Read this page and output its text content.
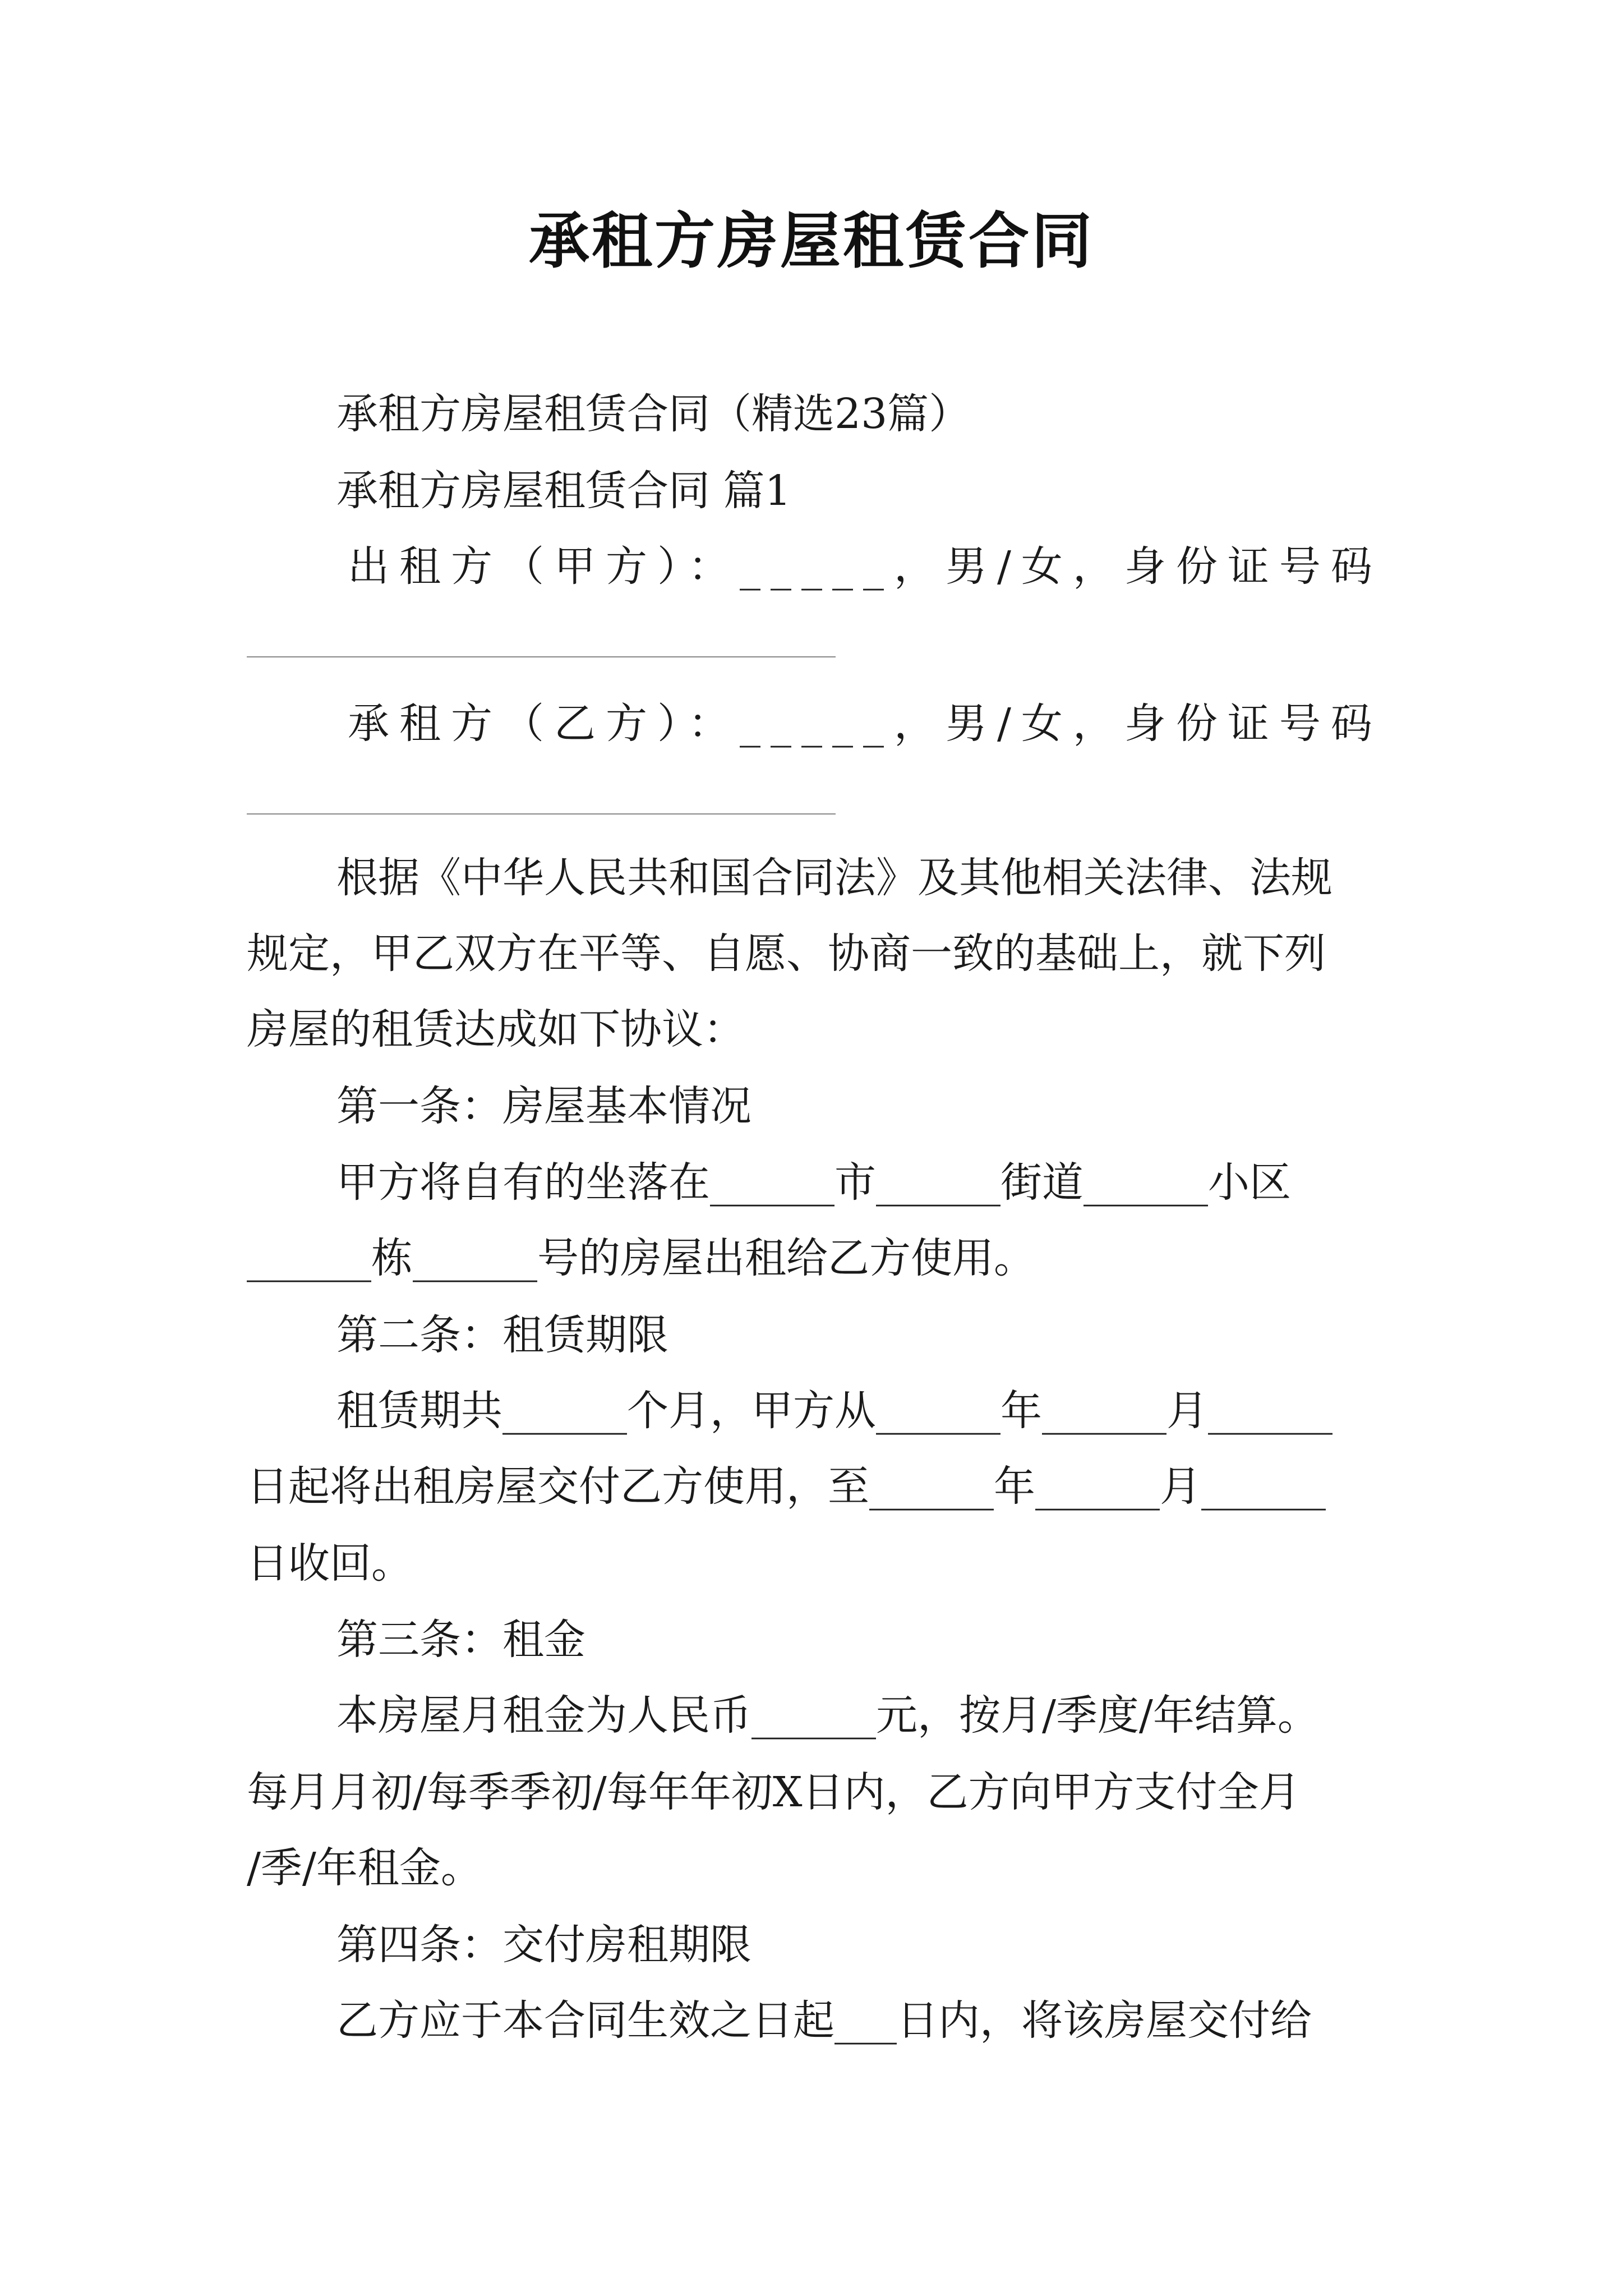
承租方房屋租赁合同
承租方房屋租赁合同（精选23篇）
承租方房屋租赁合同 篇1
出租方（甲方）：_____，男/女，身份证号码
承租方（乙方）：_____，男/女，身份证号码
根据《中华人民共和国合同法》及其他相关法律、法规
规定，甲乙双方在平等、自愿、协商一致的基础上，就下列
房屋的租赁达成如下协议：
第一条：房屋基本情况
甲方将自有的坐落在______市______街道______小区
______栋______号的房屋出租给乙方使用。
第二条：租赁期限
租赁期共______个月，甲方从______年______月______
日起将出租房屋交付乙方使用，至______年______月______
日收回。
第三条：租金
本房屋月租金为人民币______元，按月/季度/年结算。
每月月初/每季季初/每年年初X日内，乙方向甲方支付全月
/季/年租金。
第四条：交付房租期限
乙方应于本合同生效之日起___日内，将该房屋交付给
